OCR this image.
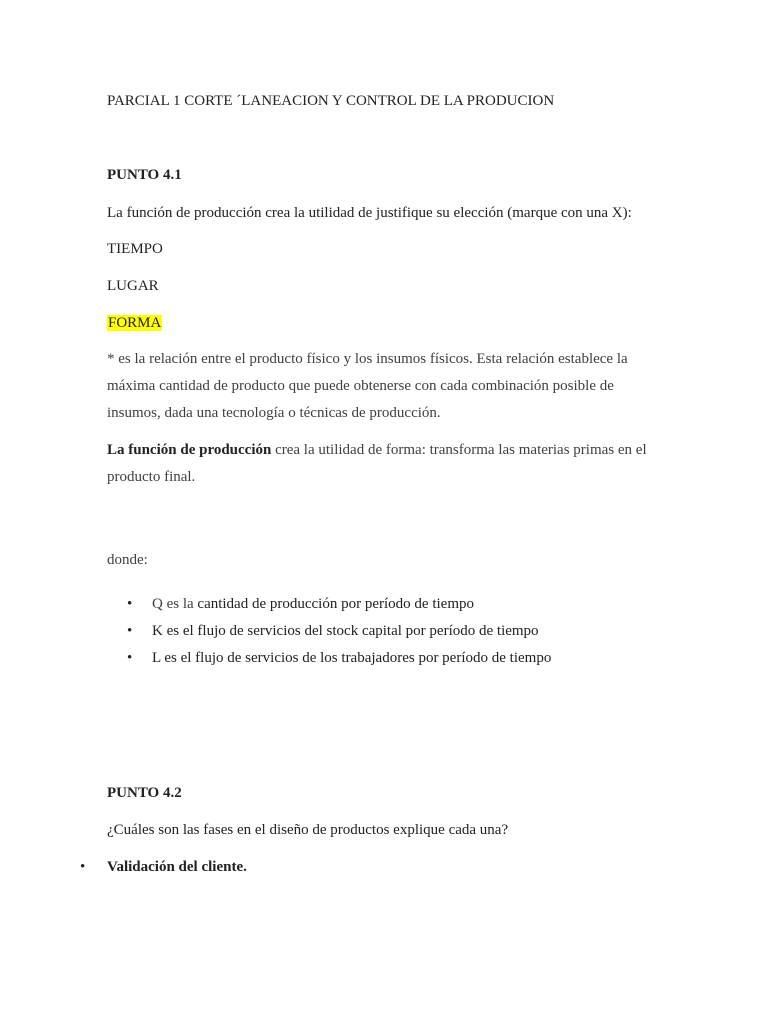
PARCIAL 1 CORTE ´LANEACION Y CONTROL DE LA PRODUCION
PUNTO 4.1
La función de producción crea la utilidad de justifique su elección (marque con una X):
TIEMPO
LUGAR
FORMA
* es la relación entre el producto físico y los insumos físicos. Esta relación establece la
máxima cantidad de producto que puede obtenerse con cada combinación posible de
insumos, dada una tecnología o técnicas de producción.
La función de producción crea la utilidad de forma: transforma las materias primas en el
producto final.
donde:
• Q es la cantidad de producción por período de tiempo
• K es el flujo de servicios del stock capital por período de tiempo
• L es el flujo de servicios de los trabajadores por período de tiempo
PUNTO 4.2
¿Cuáles son las fases en el diseño de productos explique cada una?
• Validación del cliente.
